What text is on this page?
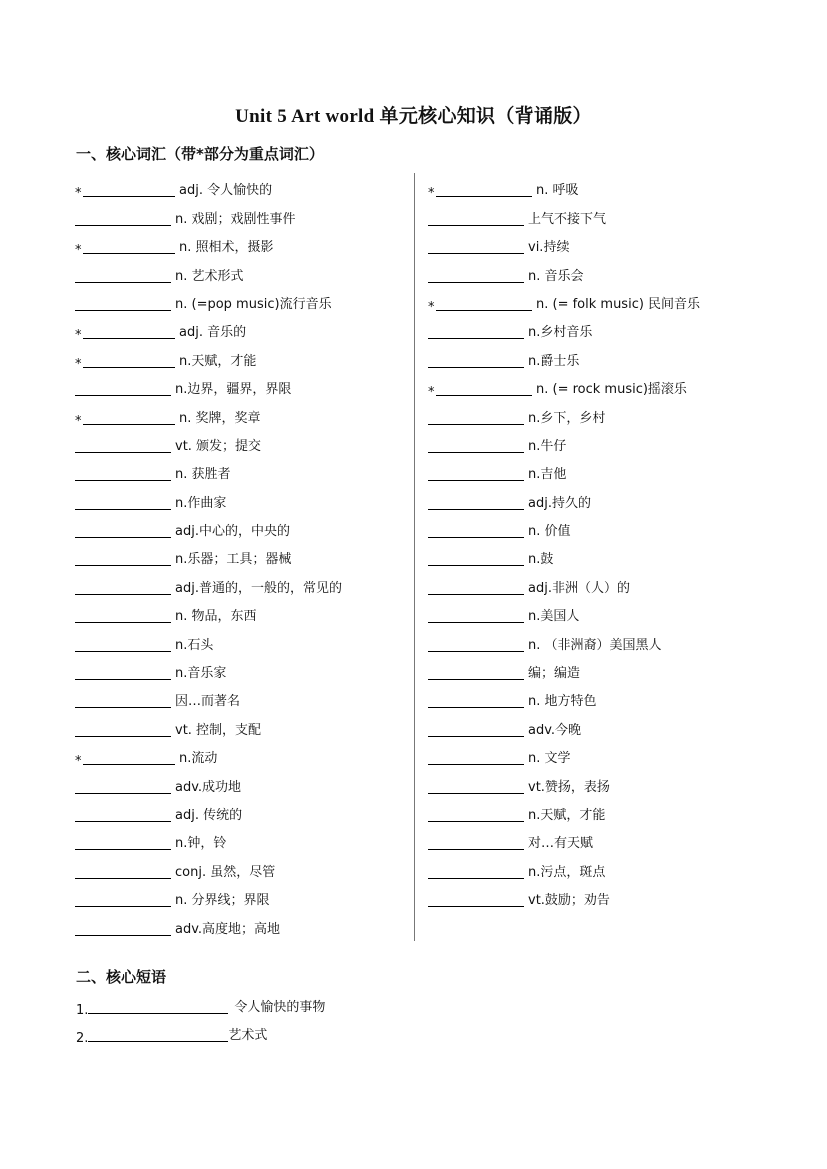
Unit 5 Art world 单元核心知识（背诵版）
一、核心词汇（带*部分为重点词汇）
*	adj. 令人愉快的
n. 戏剧；戏剧性事件
*	n. 照相术，摄影
n. 艺术形式
n. (=pop music)流行音乐
*	adj. 音乐的
*	n.天赋，才能
n.边界，疆界，界限
*	n. 奖牌，奖章
vt. 颁发；提交
n. 获胜者
n.作曲家
adj.中心的，中央的
n.乐器；工具；器械
adj.普通的，一般的，常见的
n. 物品，东西
n.石头
n.音乐家
因…而著名
vt. 控制，支配
*	n.流动
adv.成功地
adj. 传统的
n.钟，铃
conj. 虽然，尽管
n. 分界线；界限
adv.高度地；高地
*	n. 呼吸
上气不接下气
vi.持续
n. 音乐会
*	n. (= folk music) 民间音乐
n.乡村音乐
n.爵士乐
*	n. (= rock music)摇滚乐
n.乡下，乡村
n.牛仔
n.吉他
adj.持久的
n. 价值
n.鼓
adj.非洲（人）的
n.美国人
n. （非洲裔）美国黑人
编；编造
n. 地方特色
adv.今晚
n. 文学
vt.赞扬，表扬
n.天赋，才能
对…有天赋
n.污点，斑点
vt.鼓励；劝告
二、核心短语
1.	令人愉快的事物
2.	艺术式
